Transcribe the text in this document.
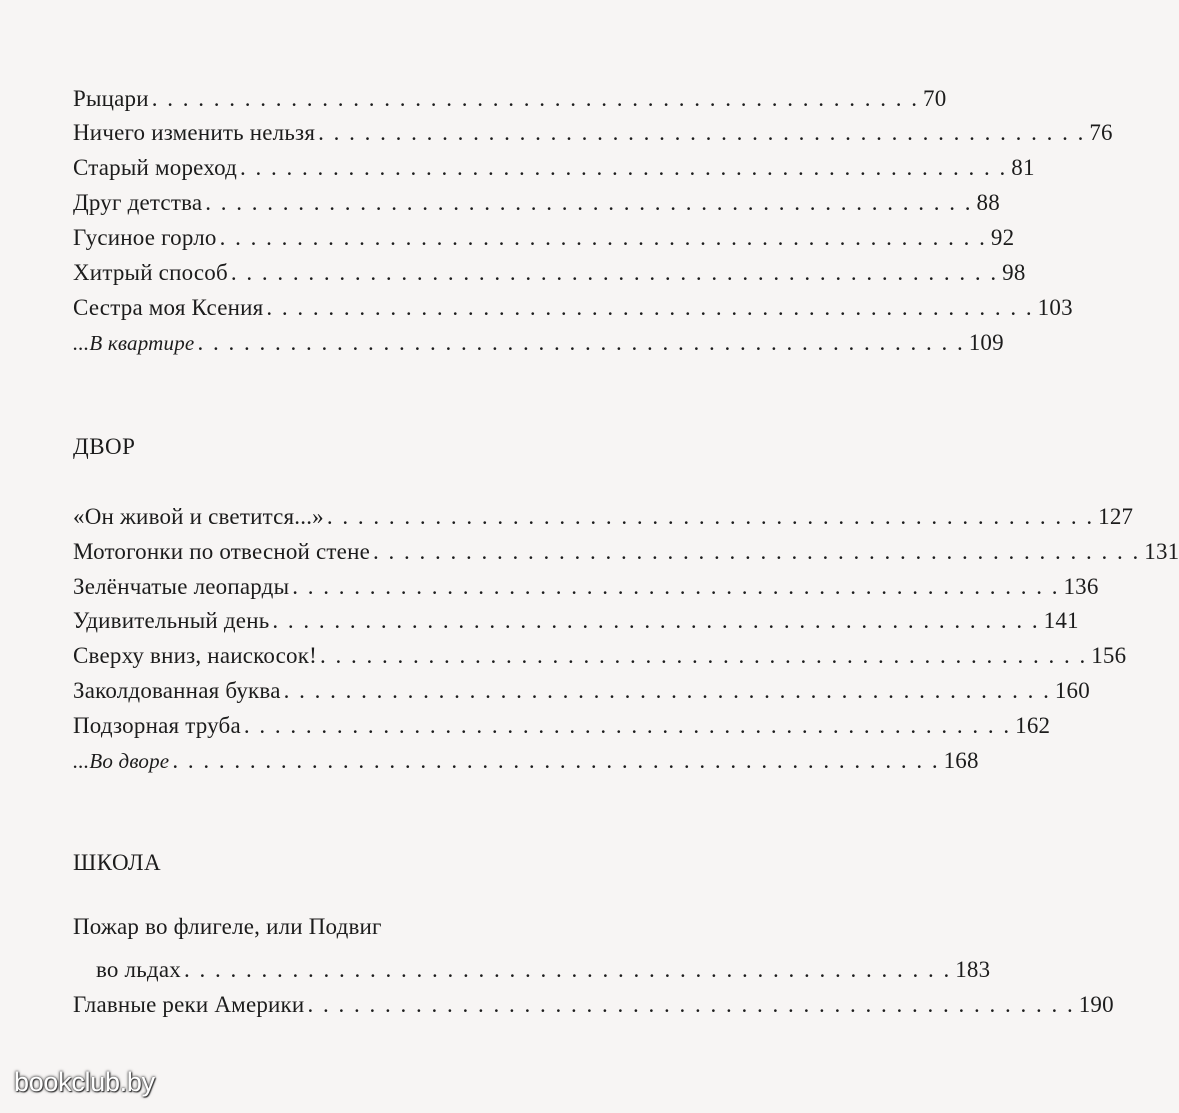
Рыцари . . . . . . . . . . . . . . . . . . . . . . . . . . . . . . . . . . . . . . . . . . . . . . . . . . 70
Ничего изменить нельзя . . . . . . . . . . . . . . . . . . . . . . . . . . . . . . . . . . . . . . . . . . . . . . . . . . 76
Старый мореход . . . . . . . . . . . . . . . . . . . . . . . . . . . . . . . . . . . . . . . . . . . . . . . . . . 81
Друг детства . . . . . . . . . . . . . . . . . . . . . . . . . . . . . . . . . . . . . . . . . . . . . . . . . . 88
Гусиное горло . . . . . . . . . . . . . . . . . . . . . . . . . . . . . . . . . . . . . . . . . . . . . . . . . . 92
Хитрый способ . . . . . . . . . . . . . . . . . . . . . . . . . . . . . . . . . . . . . . . . . . . . . . . . . . 98
Сестра моя Ксения . . . . . . . . . . . . . . . . . . . . . . . . . . . . . . . . . . . . . . . . . . . . . . . . . . 103
...В квартире . . . . . . . . . . . . . . . . . . . . . . . . . . . . . . . . . . . . . . . . . . . . . . . . . . 109
ДВОР
«Он живой и светится...» . . . . . . . . . . . . . . . . . . . . . . . . . . . . . . . . . . . . . . . . . . . . . . . . . . 127
Мотогонки по отвесной стене . . . . . . . . . . . . . . . . . . . . . . . . . . . . . . . . . . . . . . . . . . . . . . . . . . 131
Зелёнчатые леопарды . . . . . . . . . . . . . . . . . . . . . . . . . . . . . . . . . . . . . . . . . . . . . . . . . . 136
Удивительный день . . . . . . . . . . . . . . . . . . . . . . . . . . . . . . . . . . . . . . . . . . . . . . . . . . 141
Сверху вниз, наискосок! . . . . . . . . . . . . . . . . . . . . . . . . . . . . . . . . . . . . . . . . . . . . . . . . . . 156
Заколдованная буква . . . . . . . . . . . . . . . . . . . . . . . . . . . . . . . . . . . . . . . . . . . . . . . . . . 160
Подзорная труба . . . . . . . . . . . . . . . . . . . . . . . . . . . . . . . . . . . . . . . . . . . . . . . . . . 162
...Во дворе . . . . . . . . . . . . . . . . . . . . . . . . . . . . . . . . . . . . . . . . . . . . . . . . . . 168
ШКОЛА
Пожар во флигеле, или Подвиг
во льдах . . . . . . . . . . . . . . . . . . . . . . . . . . . . . . . . . . . . . . . . . . . . . . . . . . 183
Главные реки Америки . . . . . . . . . . . . . . . . . . . . . . . . . . . . . . . . . . . . . . . . . . . . . . . . . . 190
bookclub.by
